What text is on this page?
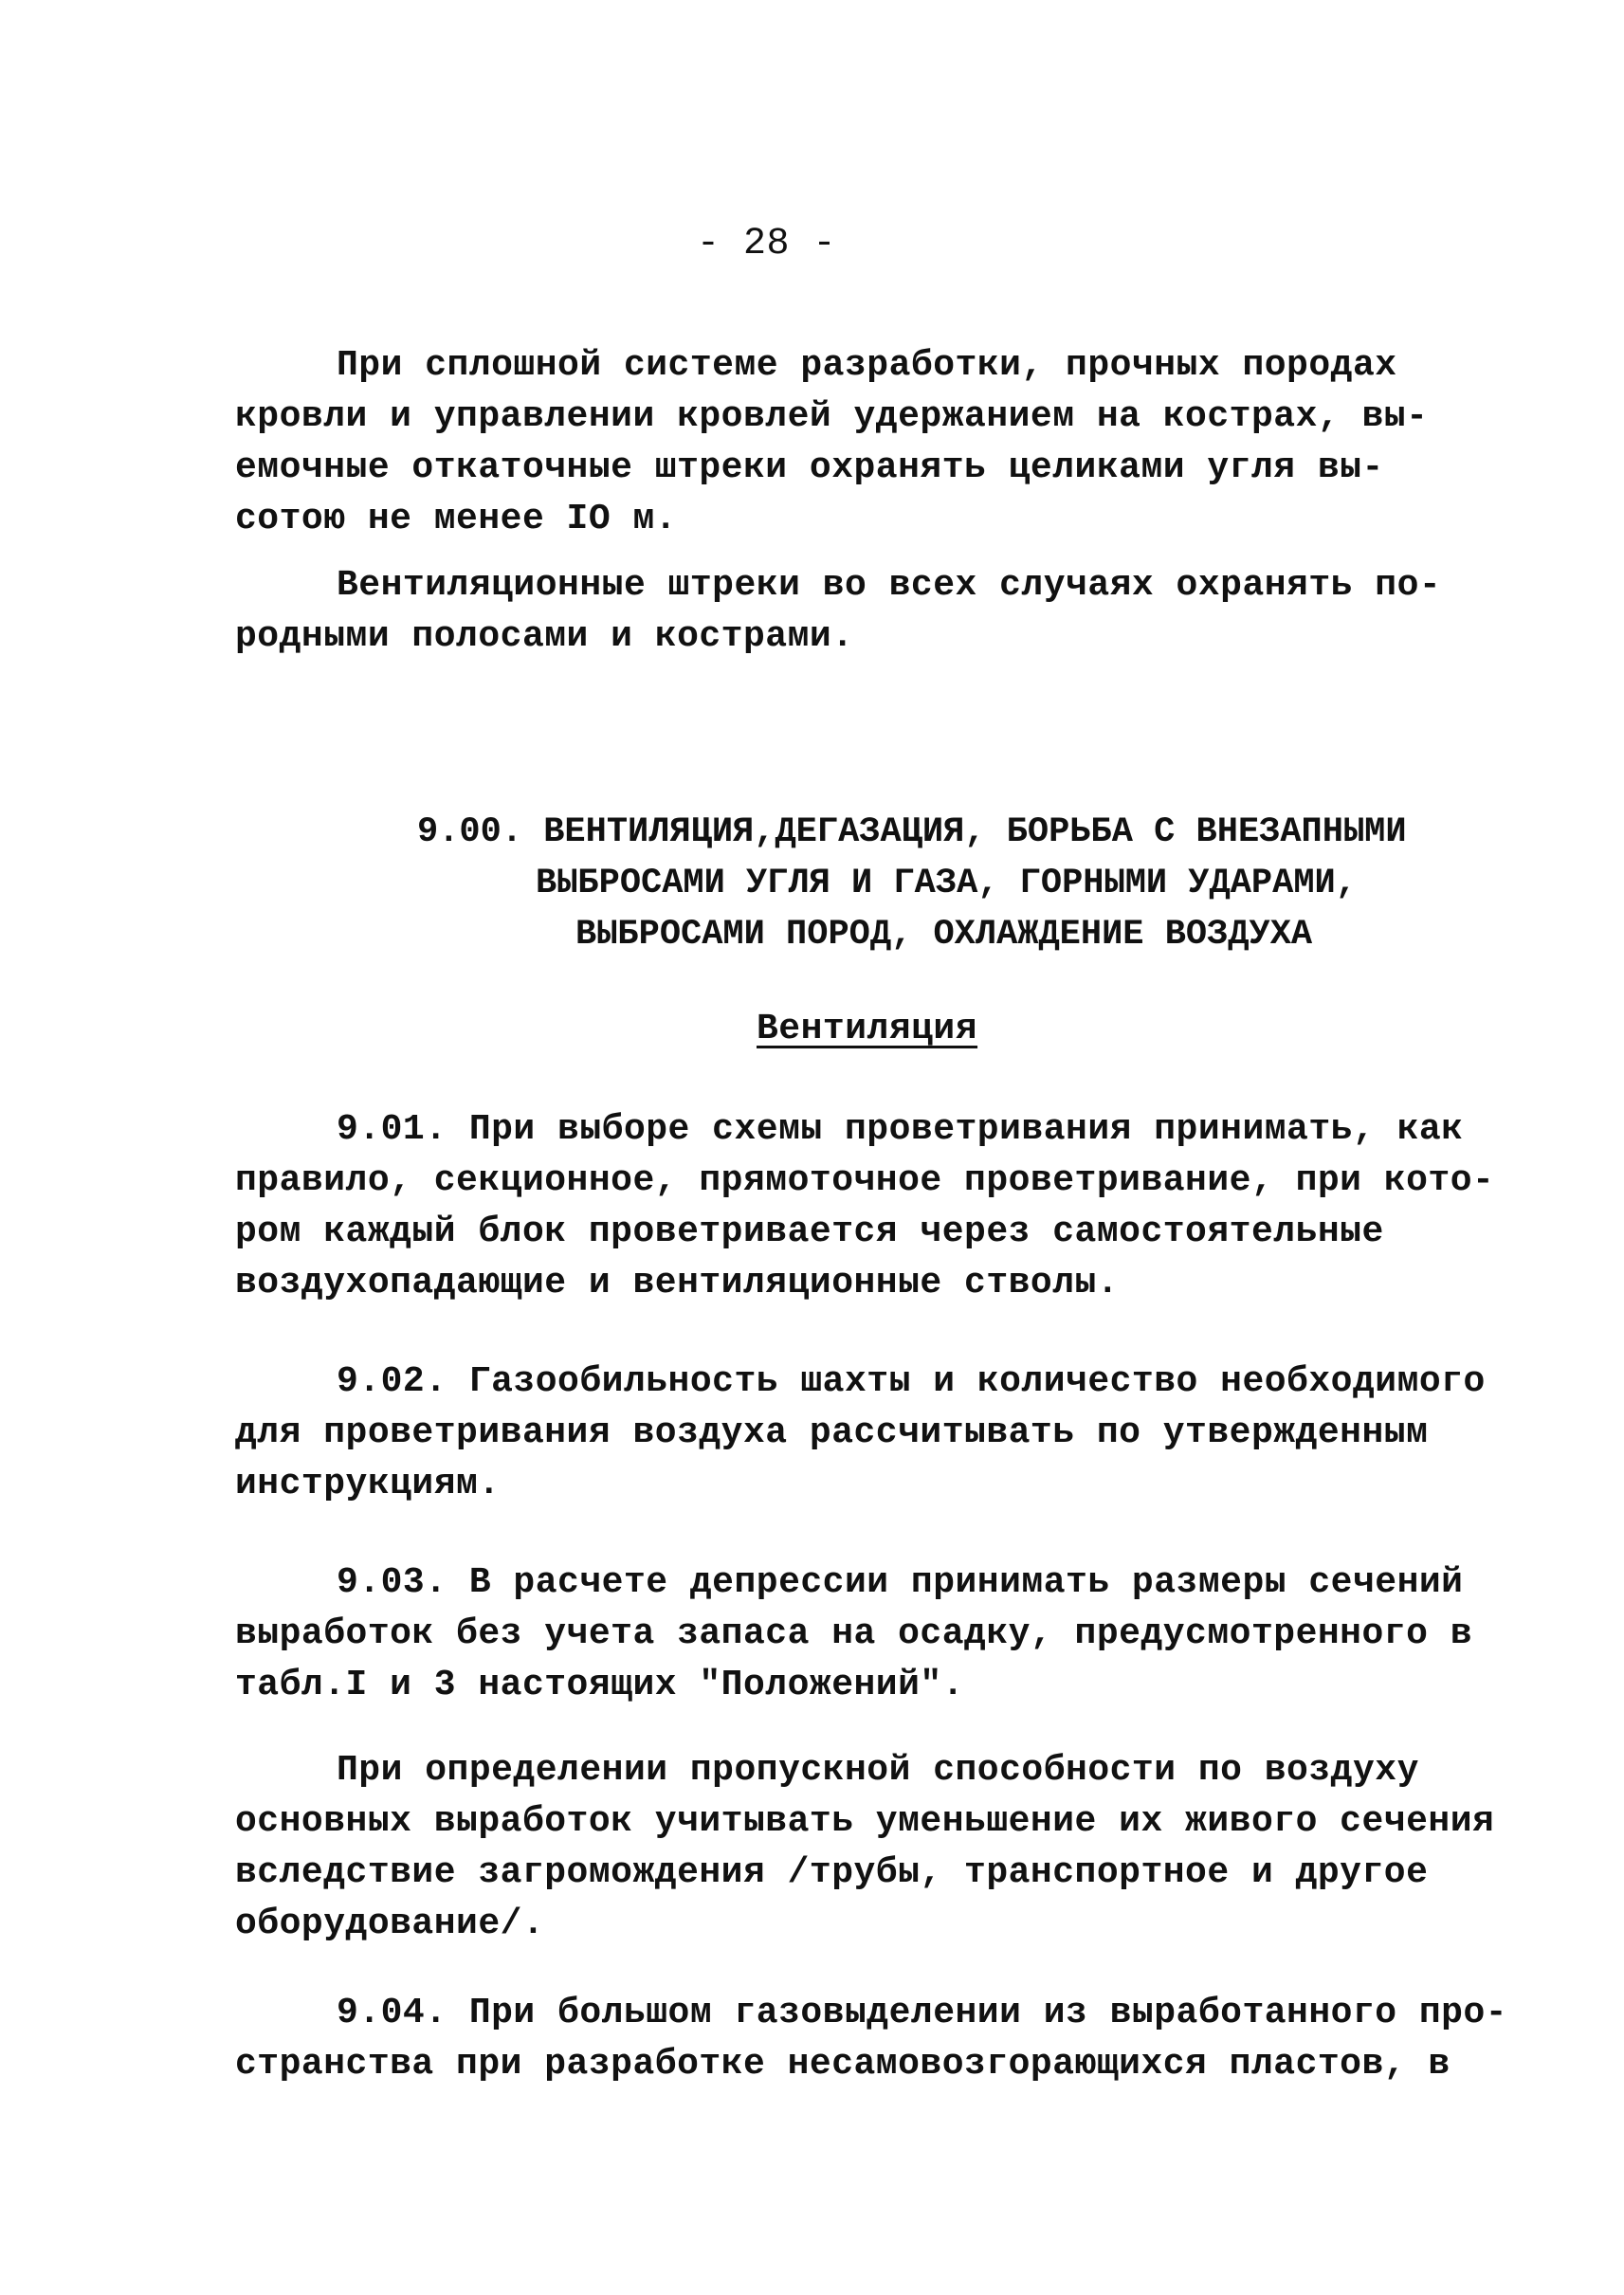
- 28 -
При сплошной системе разработки, прочных породах
кровли и управлении кровлей удержанием на кострах, вы-
емочные откаточные штреки охранять целиками угля вы-
сотою не менее IO м.
Вентиляционные штреки во всех случаях охранять по-
родными полосами и кострами.
9.00. ВЕНТИЛЯЦИЯ,ДЕГАЗАЦИЯ, БОРЬБА С ВНЕЗАПНЫМИ
ВЫБРОСАМИ УГЛЯ И ГАЗА, ГОРНЫМИ УДАРАМИ,
ВЫБРОСАМИ ПОРОД, ОХЛАЖДЕНИЕ ВОЗДУХА
Вентиляция
9.01. При выборе схемы проветривания принимать, как
правило, секционное, прямоточное проветривание, при кото-
ром каждый блок проветривается через самостоятельные
воздухопадающие и вентиляционные стволы.
9.02. Газообильность шахты и количество необходимого
для проветривания воздуха рассчитывать по утвержденным
инструкциям.
9.03. В расчете депрессии принимать размеры сечений
выработок без учета запаса на осадку, предусмотренного в
табл.I и 3 настоящих "Положений".
При определении пропускной способности по воздуху
основных выработок учитывать уменьшение их живого сечения
вследствие загромождения /трубы, транспортное и другое
оборудование/.
9.04. При большом газовыделении из выработанного про-
странства при разработке несамовозгорающихся пластов, в
